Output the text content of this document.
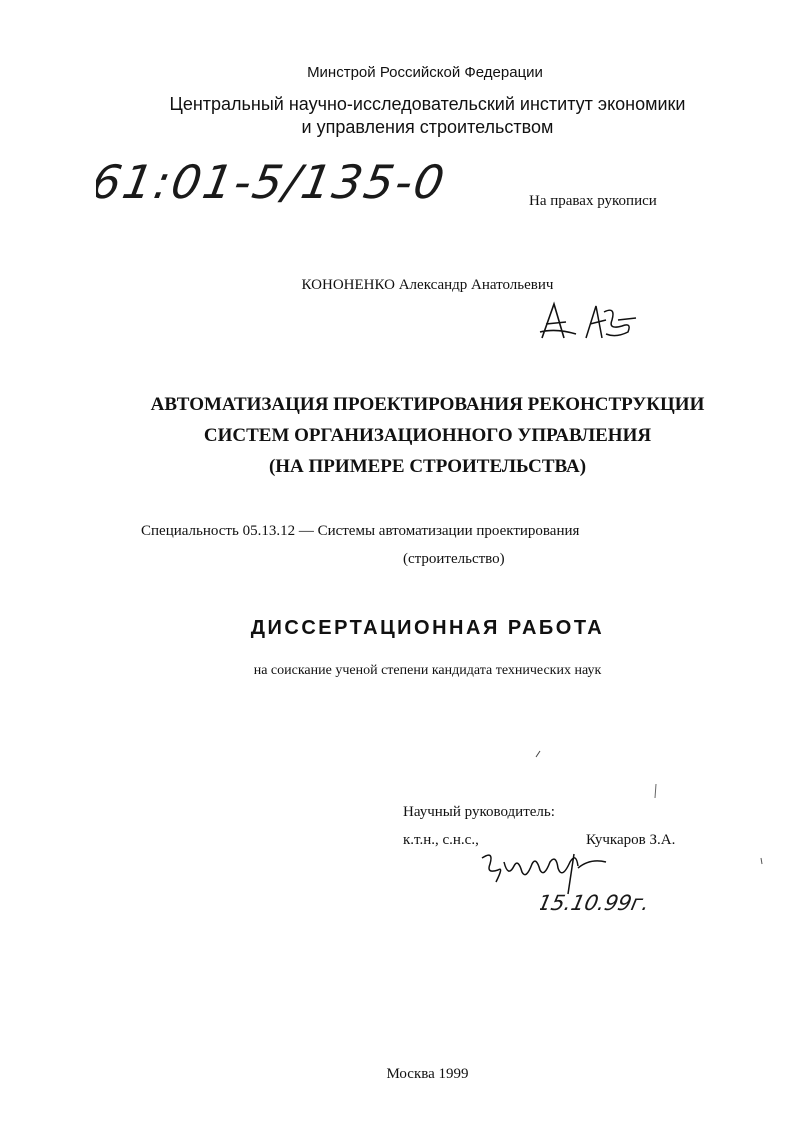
Минстрой Российской Федерации
Центральный научно-исследовательский институт экономики
и управления строительством
61:01-5/135-0	На правах рукописи
КОНОНЕНКО Александр Анатольевич
АВТОМАТИЗАЦИЯ ПРОЕКТИРОВАНИЯ РЕКОНСТРУКЦИИ
СИСТЕМ ОРГАНИЗАЦИОННОГО УПРАВЛЕНИЯ
(НА ПРИМЕРЕ СТРОИТЕЛЬСТВА)
Специальность 05.13.12 — Системы автоматизации проектирования
(строительство)
ДИССЕРТАЦИОННАЯ РАБОТА
на соискание ученой степени кандидата технических наук
Научный руководитель:
к.т.н., с.н.с.,	Кучкаров З.А.
15.10.99г.
Москва 1999
